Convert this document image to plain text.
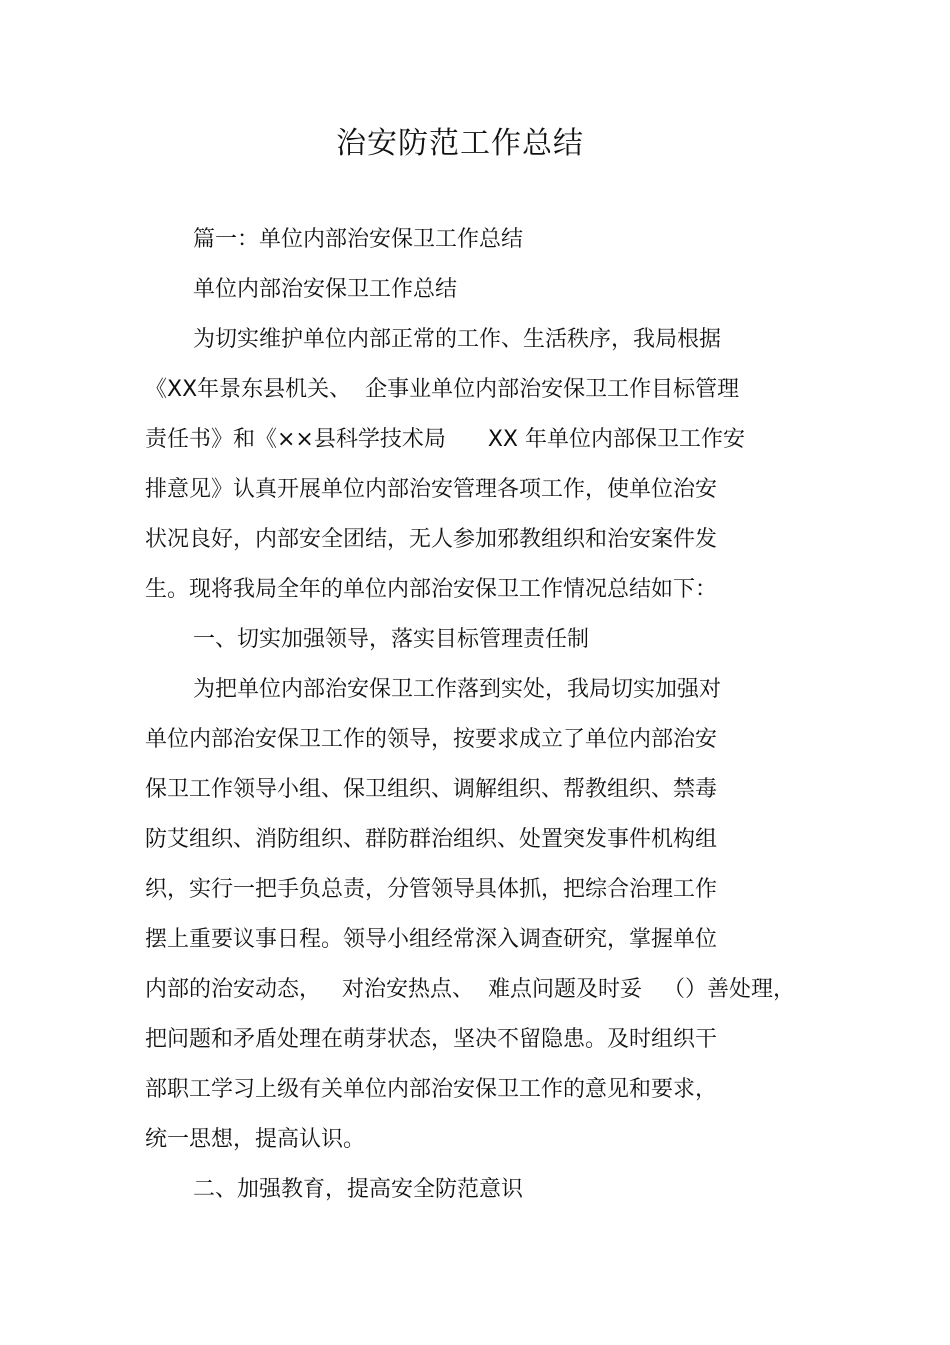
治安防范工作总结
篇一：单位内部治安保卫工作总结
单位内部治安保卫工作总结
为切实维护单位内部正常的工作、生活秩序，我局根据
《XX年景东县机关、  企事业单位内部治安保卫工作目标管理
责任书》和《××县科学技术局      XX 年单位内部保卫工作安
排意见》认真开展单位内部治安管理各项工作，使单位治安
状况良好，内部安全团结，无人参加邪教组织和治安案件发
生。现将我局全年的单位内部治安保卫工作情况总结如下：
一、切实加强领导，落实目标管理责任制
为把单位内部治安保卫工作落到实处，我局切实加强对
单位内部治安保卫工作的领导，按要求成立了单位内部治安
保卫工作领导小组、保卫组织、调解组织、帮教组织、禁毒
防艾组织、消防组织、群防群治组织、处置突发事件机构组
织，实行一把手负总责，分管领导具体抓，把综合治理工作
摆上重要议事日程。领导小组经常深入调查研究，掌握单位
内部的治安动态，   对治安热点、  难点问题及时妥   （）善处理，
把问题和矛盾处理在萌芽状态，坚决不留隐患。及时组织干
部职工学习上级有关单位内部治安保卫工作的意见和要求，
统一思想，提高认识。
二、加强教育，提高安全防范意识
